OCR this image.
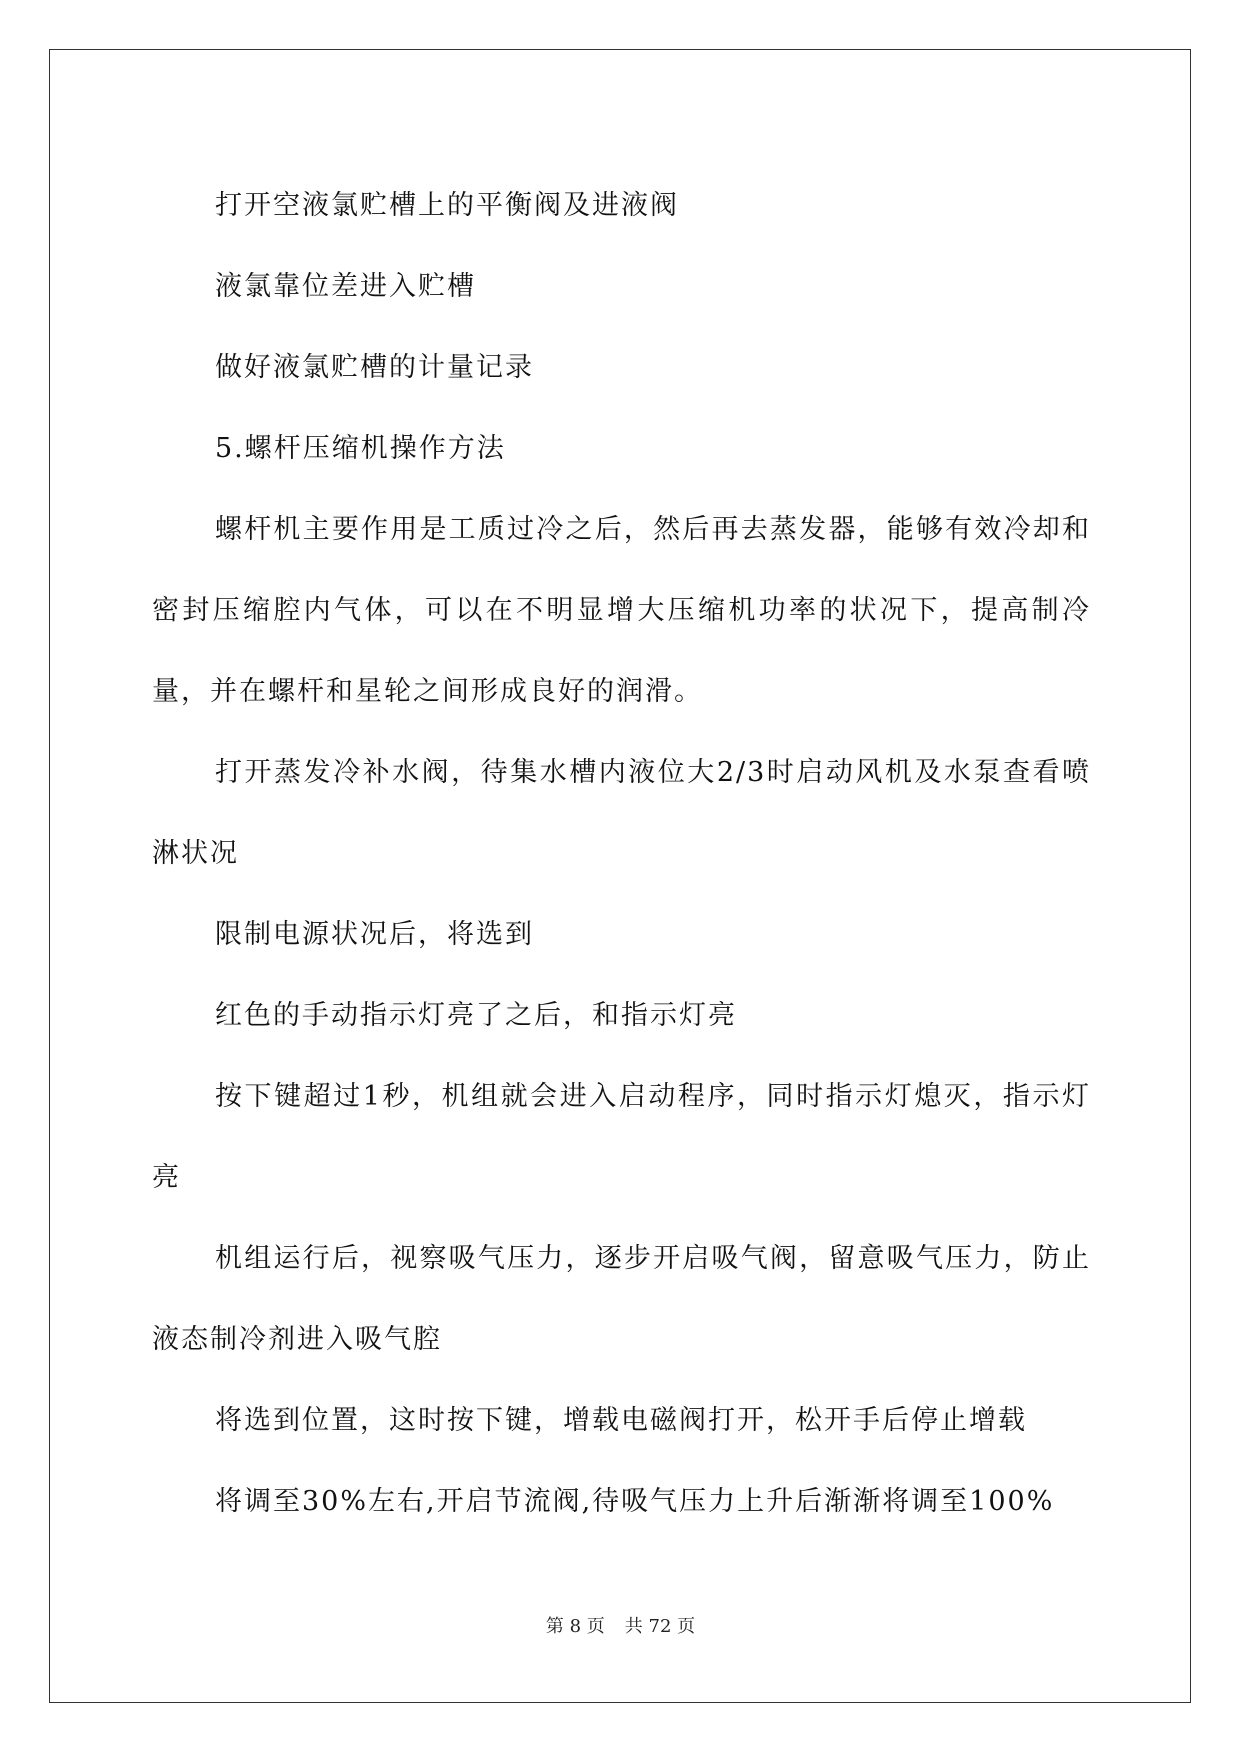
打开空液氯贮槽上的平衡阀及进液阀

液氯靠位差进入贮槽

做好液氯贮槽的计量记录

5.螺杆压缩机操作方法

螺杆机主要作用是工质过冷之后，然后再去蒸发器，能够有效冷却和密封压缩腔内气体，可以在不明显增大压缩机功率的状况下，提高制冷量，并在螺杆和星轮之间形成良好的润滑。

打开蒸发冷补水阀，待集水槽内液位大2/3时启动风机及水泵查看喷淋状况

限制电源状况后，将选到

红色的手动指示灯亮了之后，和指示灯亮

按下键超过1秒，机组就会进入启动程序，同时指示灯熄灭，指示灯亮

机组运行后，视察吸气压力，逐步开启吸气阀，留意吸气压力，防止液态制冷剂进入吸气腔

将选到位置，这时按下键，增载电磁阀打开，松开手后停止增载

将调至30%左右,开启节流阀,待吸气压力上升后渐渐将调至100%

第 8 页 共 72 页
